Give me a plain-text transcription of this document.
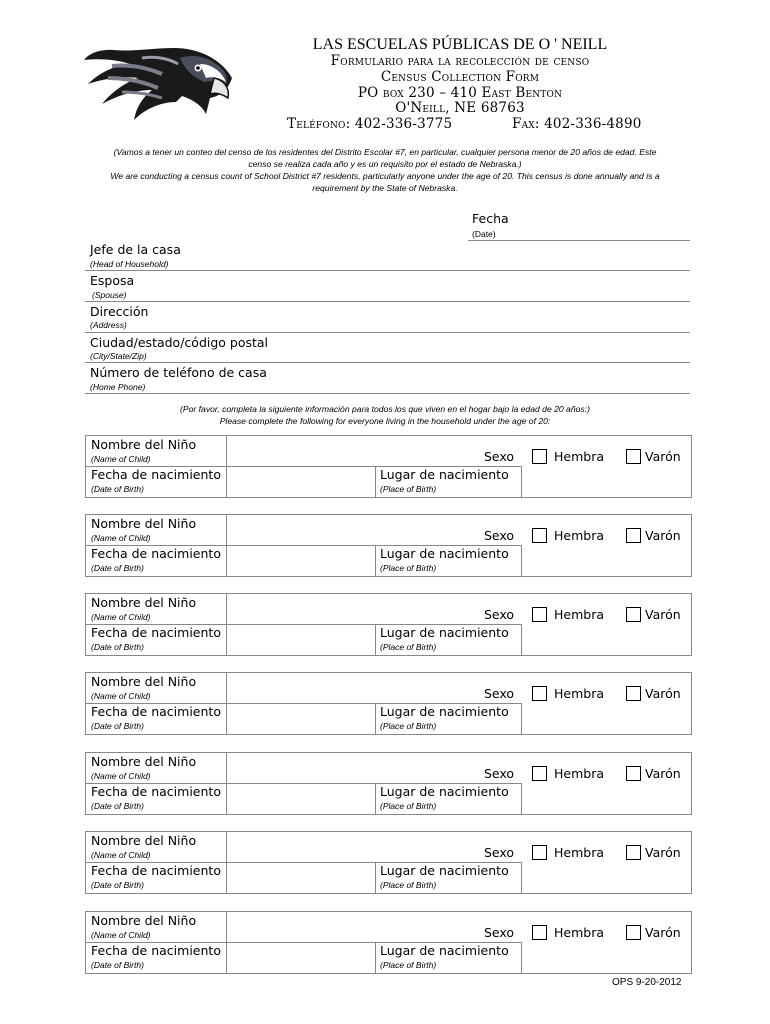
LAS ESCUELAS PÚBLICAS DE O ' NEILL
Formulario para la recolección de censo
Census Collection Form
PO box 230 – 410 East Benton
O'Neill, NE 68763
Teléfono: 402-336-3775	Fax: 402-336-4890
(Vamos a tener un conteo del censo de los residentes del Distrito Escolar #7, en particular, cualquier persona menor de 20 años de edad. Este
censo se realiza cada año y es un requisito por el estado de Nebraska.)
We are conducting a census count of School District #7 residents, particularly anyone under the age of 20. This census is done annually and is a
requirement by the State of Nebraska.
Fecha
(Date)
Jefe de la casa
(Head of Household)
Esposa
(Spouse)
Dirección
(Address)
Ciudad/estado/código postal
(City/State/Zip)
Número de teléfono de casa
(Home Phone)
(Por favor, completa la siguiente información para todos los que viven en el hogar bajo la edad de 20 años:)
Please complete the following for everyone living in the household under the age of 20:
Nombre del Niño
(Name of Child)	Sexo	Hembra	Varón
Fecha de nacimiento
(Date of Birth)
Lugar de nacimiento
(Place of Birth)
Nombre del Niño
(Name of Child)	Sexo	Hembra	Varón
Fecha de nacimiento
(Date of Birth)
Lugar de nacimiento
(Place of Birth)
Nombre del Niño
(Name of Child)	Sexo	Hembra	Varón
Fecha de nacimiento
(Date of Birth)
Lugar de nacimiento
(Place of Birth)
Nombre del Niño
(Name of Child)	Sexo	Hembra	Varón
Fecha de nacimiento
(Date of Birth)
Lugar de nacimiento
(Place of Birth)
Nombre del Niño
(Name of Child)	Sexo	Hembra	Varón
Fecha de nacimiento
(Date of Birth)
Lugar de nacimiento
(Place of Birth)
Nombre del Niño
(Name of Child)	Sexo	Hembra	Varón
Fecha de nacimiento
(Date of Birth)
Lugar de nacimiento
(Place of Birth)
Nombre del Niño
(Name of Child)	Sexo	Hembra	Varón
Fecha de nacimiento
(Date of Birth)
Lugar de nacimiento
(Place of Birth)
OPS 9-20-2012
